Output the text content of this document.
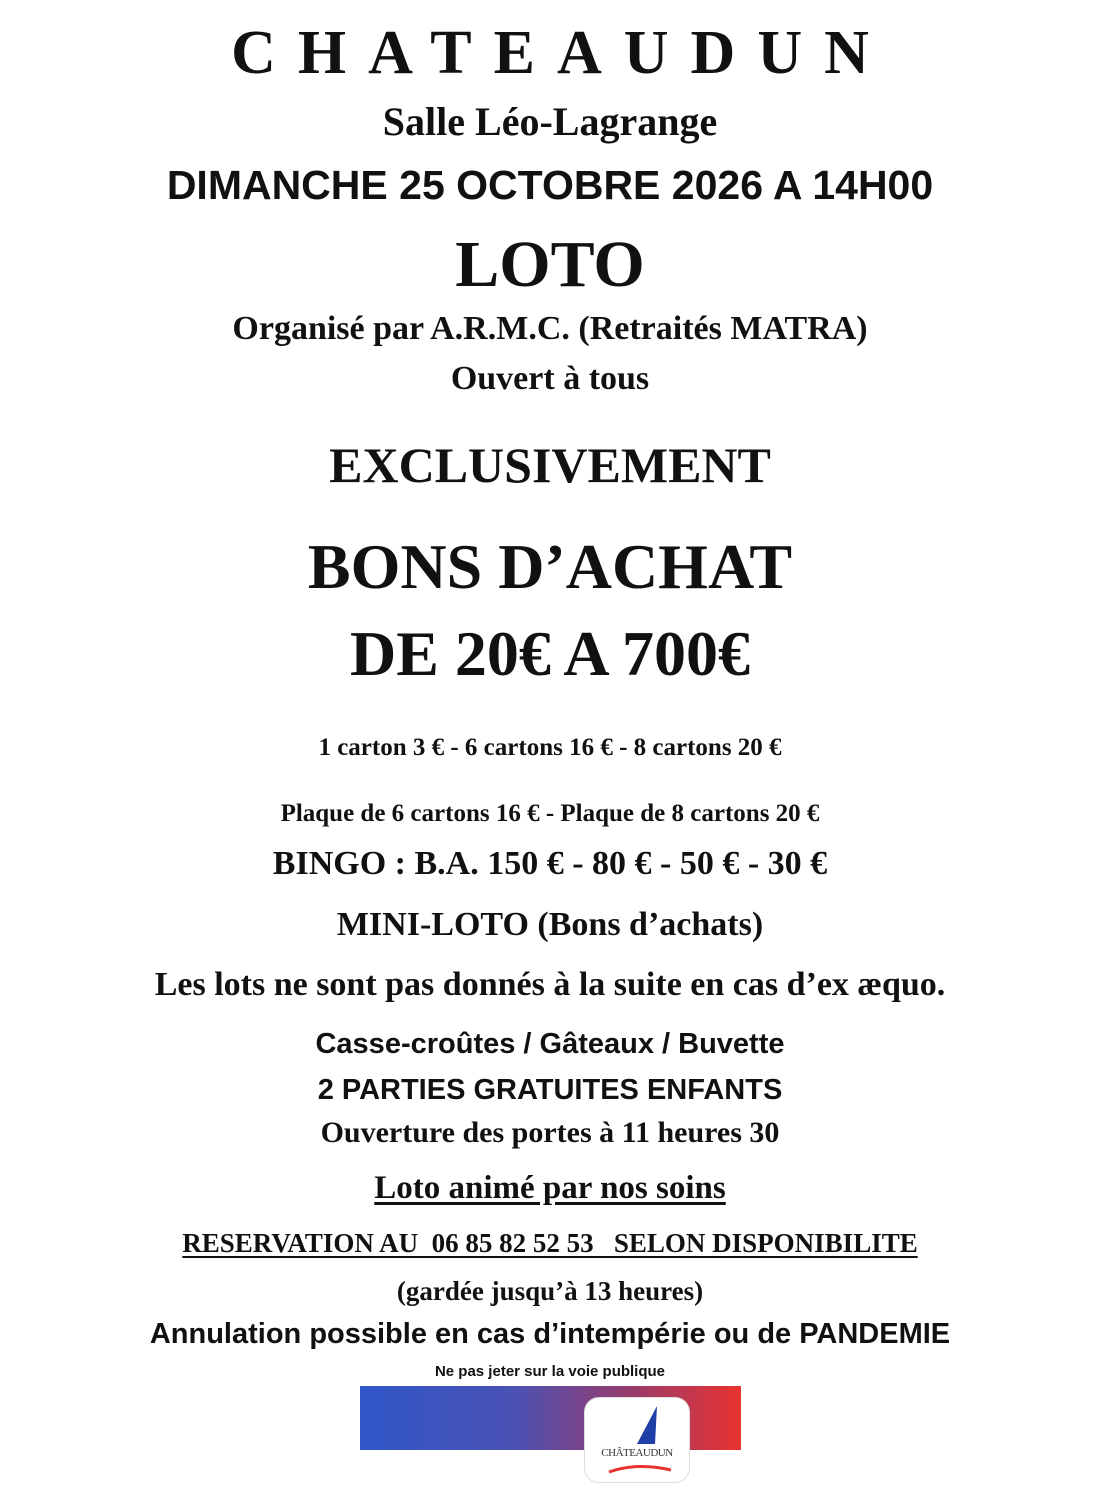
CHATEAUDUN
Salle Léo-Lagrange
DIMANCHE 25 OCTOBRE 2026 A 14H00
LOTO
Organisé par A.R.M.C. (Retraités MATRA)
Ouvert à tous
EXCLUSIVEMENT
BONS D’ACHAT
DE 20€ A 700€
1 carton 3 € - 6 cartons 16 € - 8 cartons 20 €
Plaque de 6 cartons 16 € - Plaque de 8 cartons 20 €
BINGO : B.A. 150 € - 80 € - 50 € - 30 €
MINI-LOTO (Bons d’achats)
Les lots ne sont pas donnés à la suite en cas d’ex æquo.
Casse-croûtes / Gâteaux / Buvette
2 PARTIES GRATUITES ENFANTS
Ouverture des portes à 11 heures 30
Loto animé par nos soins
RESERVATION AU  06 85 82 52 53   SELON DISPONIBILITE
(gardée jusqu’à 13 heures)
Annulation possible en cas d’intempérie ou de PANDEMIE
Ne pas jeter sur la voie publique
CHÂTEAUDUN
